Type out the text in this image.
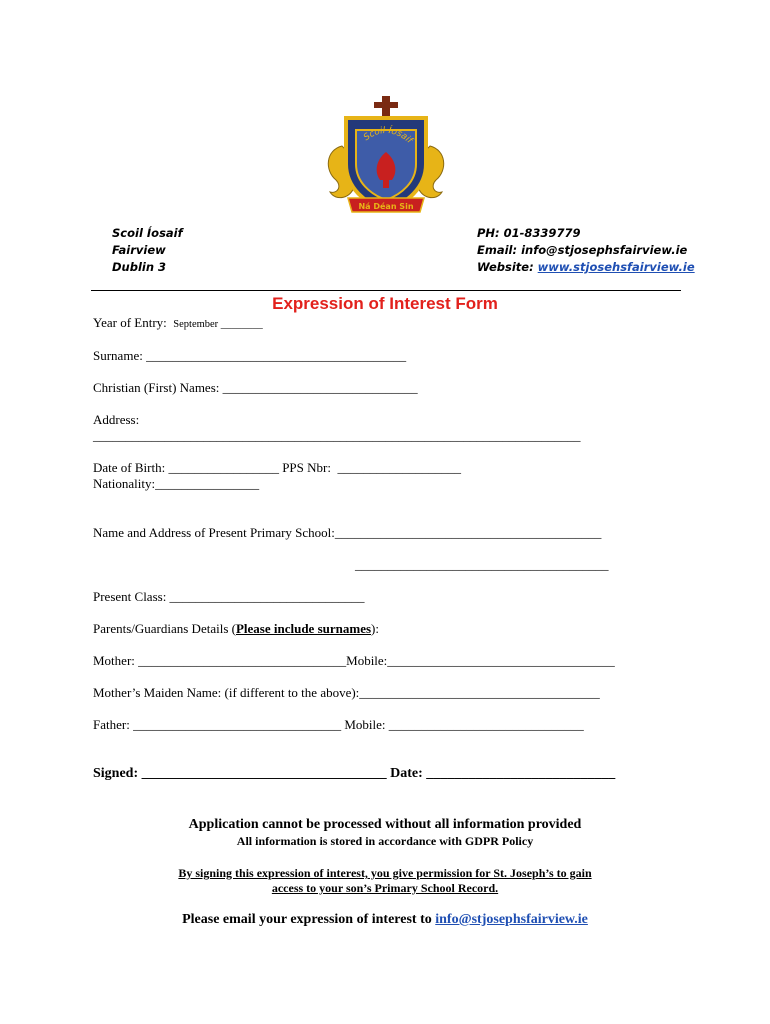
Scoil Íosaif
Ná Déan Sin
Scoil Íosaif
Fairview
Dublin 3
PH: 01-8339779
Email: info@stjosephsfairview.ie
Website: www.stjosehsfairview.ie
Expression of Interest Form
Year of Entry:  September ________
Surname: ________________________________________
Christian (First) Names: ______________________________
Address:
___________________________________________________________________________
Date of Birth: _________________ PPS Nbr:  ___________________
Nationality:________________
Name and Address of Present Primary School:_________________________________________
_______________________________________
Present Class: ______________________________
Parents/Guardians Details (Please include surnames):
Mother: ________________________________Mobile:___________________________________
Mother’s Maiden Name: (if different to the above):_____________________________________
Father: ________________________________ Mobile: ______________________________
Signed: ___________________________________ Date: ___________________________
Application cannot be processed without all information provided
All information is stored in accordance with GDPR Policy
By signing this expression of interest, you give permission for St. Joseph’s to gain
access to your son’s Primary School Record.
Please email your expression of interest to info@stjosephsfairview.ie
